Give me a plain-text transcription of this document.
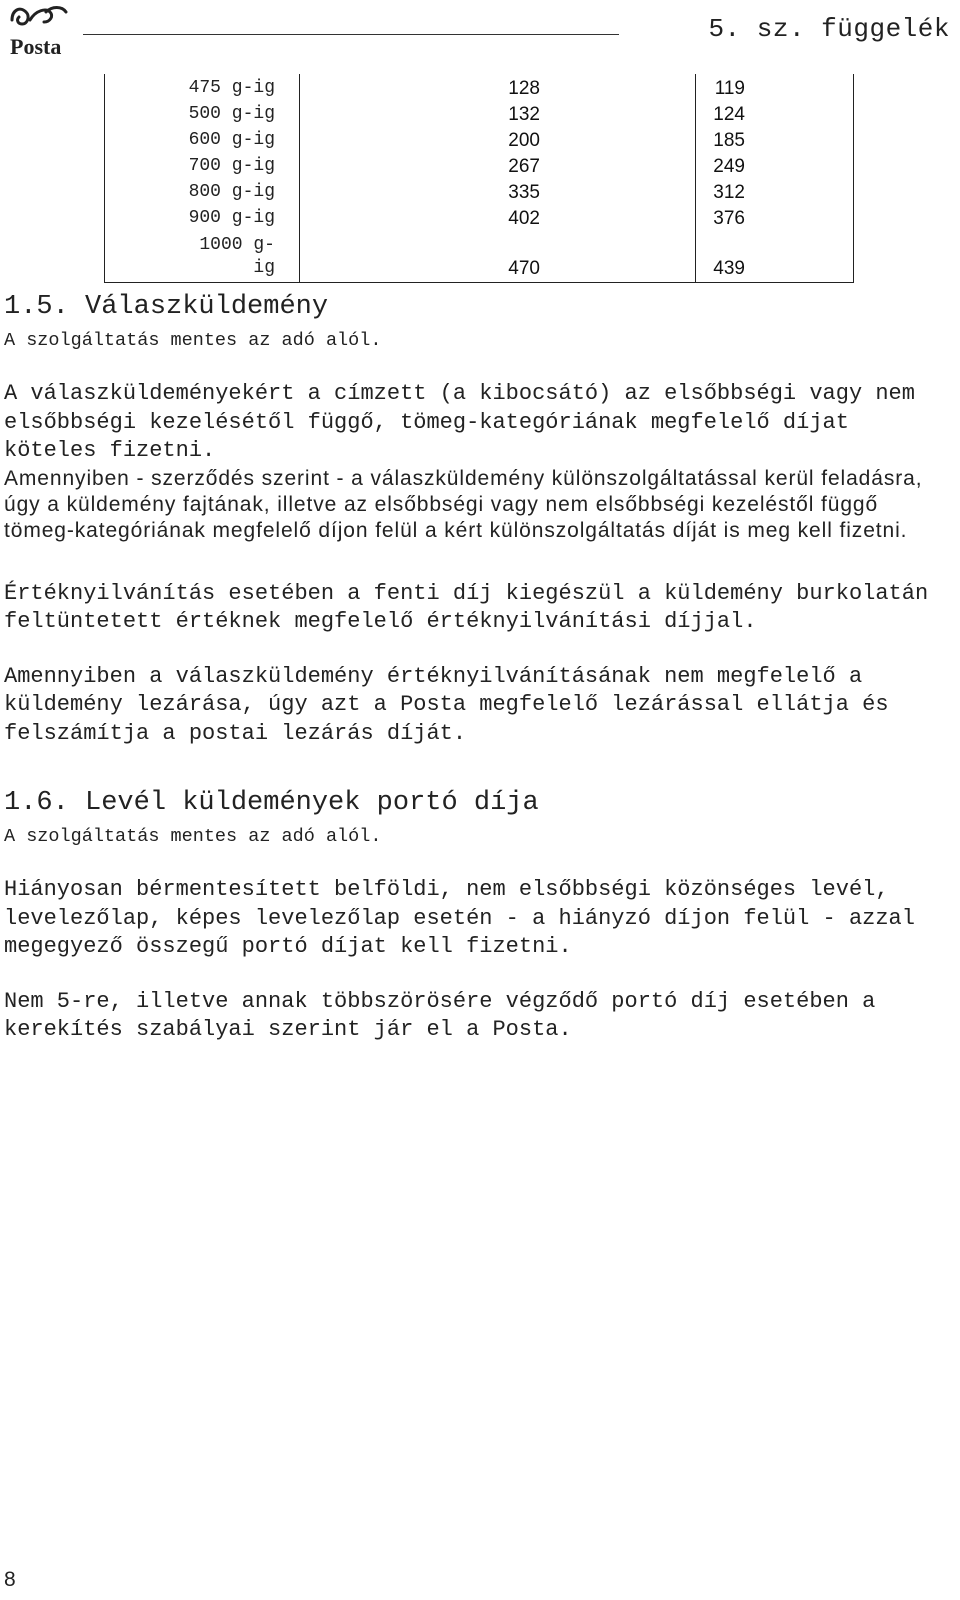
Posta
5. sz. függelék
475 g-ig	128	119
500 g-ig	132	124
600 g-ig	200	185
700 g-ig	267	249
800 g-ig	335	312
900 g-ig	402	376
1000 g-
ig	470	439
1.5. Válaszküldemény

A szolgáltatás mentes az adó alól.

A válaszküldeményekért a címzett (a kibocsátó) az elsőbbségi vagy nem elsőbbségi kezelésétől függő, tömeg-kategóriának megfelelő díjat köteles fizetni.

Amennyiben - szerződés szerint - a válaszküldemény különszolgáltatással kerül feladásra, úgy a küldemény fajtának, illetve az elsőbbségi vagy nem elsőbbségi kezeléstől függő tömeg-kategóriának megfelelő díjon felül a kért különszolgáltatás díját is meg kell fizetni.

Értéknyilvánítás esetében a fenti díj kiegészül a küldemény burkolatán feltüntetett értéknek megfelelő értéknyilvánítási díjjal.

Amennyiben a válaszküldemény értéknyilvánításának nem megfelelő a küldemény lezárása, úgy azt a Posta megfelelő lezárással ellátja és felszámítja a postai lezárás díját.

1.6. Levél küldemények portó díja

A szolgáltatás mentes az adó alól.

Hiányosan bérmentesített belföldi, nem elsőbbségi közönséges levél, levelezőlap, képes levelezőlap esetén - a hiányzó díjon felül - azzal megegyező összegű portó díjat kell fizetni.

Nem 5-re, illetve annak többszörösére végződő portó díj esetében a kerekítés szabályai szerint jár el a Posta.

8
